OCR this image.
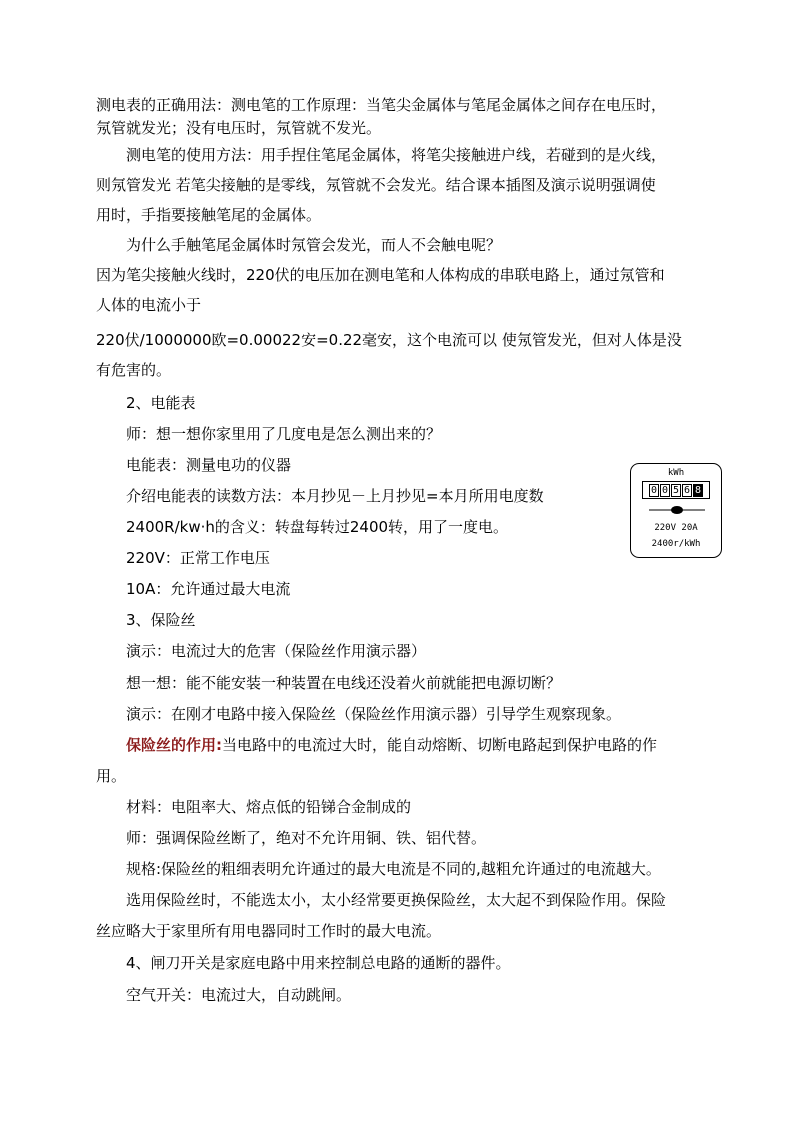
测电表的正确用法：测电笔的工作原理：当笔尖金属体与笔尾金属体之间存在电压时，
氖管就发光；没有电压时，氖管就不发光。
测电笔的使用方法：用手捏住笔尾金属体，将笔尖接触进户线，若碰到的是火线，
则氖管发光 若笔尖接触的是零线，氖管就不会发光。结合课本插图及演示说明强调使
用时，手指要接触笔尾的金属体。
为什么手触笔尾金属体时氖管会发光，而人不会触电呢？
因为笔尖接触火线时，220伏的电压加在测电笔和人体构成的串联电路上，通过氖管和
人体的电流小于
220伏/1000000欧=0.00022安=0.22毫安，这个电流可以 使氖管发光，但对人体是没
有危害的。
2、电能表
师：想一想你家里用了几度电是怎么测出来的？
电能表：测量电功的仪器
介绍电能表的读数方法：本月抄见－上月抄见=本月所用电度数
2400R/kw·h的含义：转盘每转过2400转，用了一度电。
220V：正常工作电压
10A：允许通过最大电流
3、保险丝
演示：电流过大的危害（保险丝作用演示器）
想一想：能不能安装一种装置在电线还没着火前就能把电源切断？
演示：在刚才电路中接入保险丝（保险丝作用演示器）引导学生观察现象。
保险丝的作用:当电路中的电流过大时，能自动熔断、切断电路起到保护电路的作
用。
材料：电阻率大、熔点低的铅锑合金制成的
师：强调保险丝断了，绝对不允许用铜、铁、铝代替。
规格:保险丝的粗细表明允许通过的最大电流是不同的,越粗允许通过的电流越大。
选用保险丝时，不能选太小，太小经常要更换保险丝，太大起不到保险作用。保险
丝应略大于家里所有用电器同时工作时的最大电流。
4、闸刀开关是家庭电路中用来控制总电路的通断的器件。
空气开关：电流过大，自动跳闸。
kWh
0 0 5 6 8
220V 20A
2400r/kWh
